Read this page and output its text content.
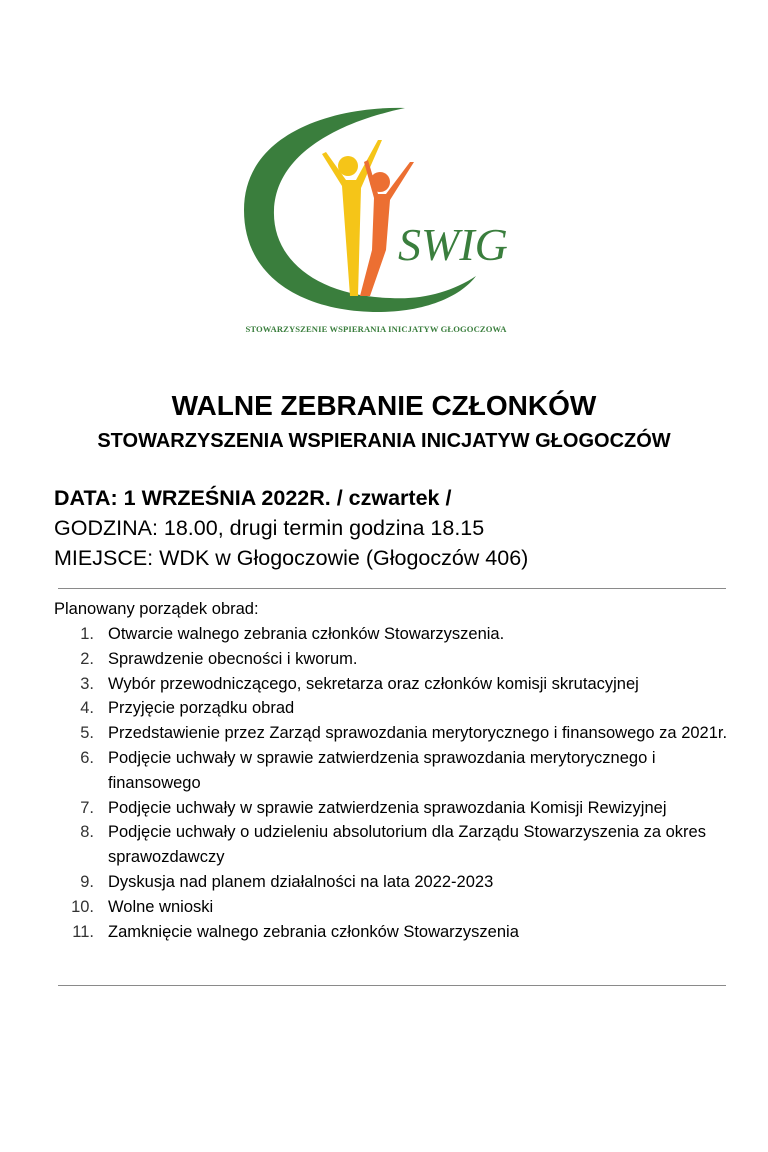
SWIG
STOWARZYSZENIE WSPIERANIA INICJATYW GŁOGOCZOWA
WALNE ZEBRANIE CZŁONKÓW
STOWARZYSZENIA WSPIERANIA INICJATYW GŁOGOCZÓW

DATA: 1 WRZEŚNIA 2022R. / czwartek /

GODZINA: 18.00, drugi termin godzina 18.15

MIEJSCE: WDK w Głogoczowie (Głogoczów 406)

Planowany porządek obrad:

1. Otwarcie walnego zebrania członków Stowarzyszenia.
2. Sprawdzenie obecności i kworum.
3. Wybór przewodniczącego, sekretarza oraz członków komisji skrutacyjnej
4. Przyjęcie porządku obrad
5. Przedstawienie przez Zarząd sprawozdania merytorycznego i finansowego za 2021r.
6. Podjęcie uchwały w sprawie zatwierdzenia sprawozdania merytorycznego i finansowego
7. Podjęcie uchwały w sprawie zatwierdzenia sprawozdania Komisji Rewizyjnej
8. Podjęcie uchwały o udzieleniu absolutorium dla Zarządu Stowarzyszenia za okres sprawozdawczy
9. Dyskusja nad planem działalności na lata 2022-2023
10. Wolne wnioski
11. Zamknięcie walnego zebrania członków Stowarzyszenia
